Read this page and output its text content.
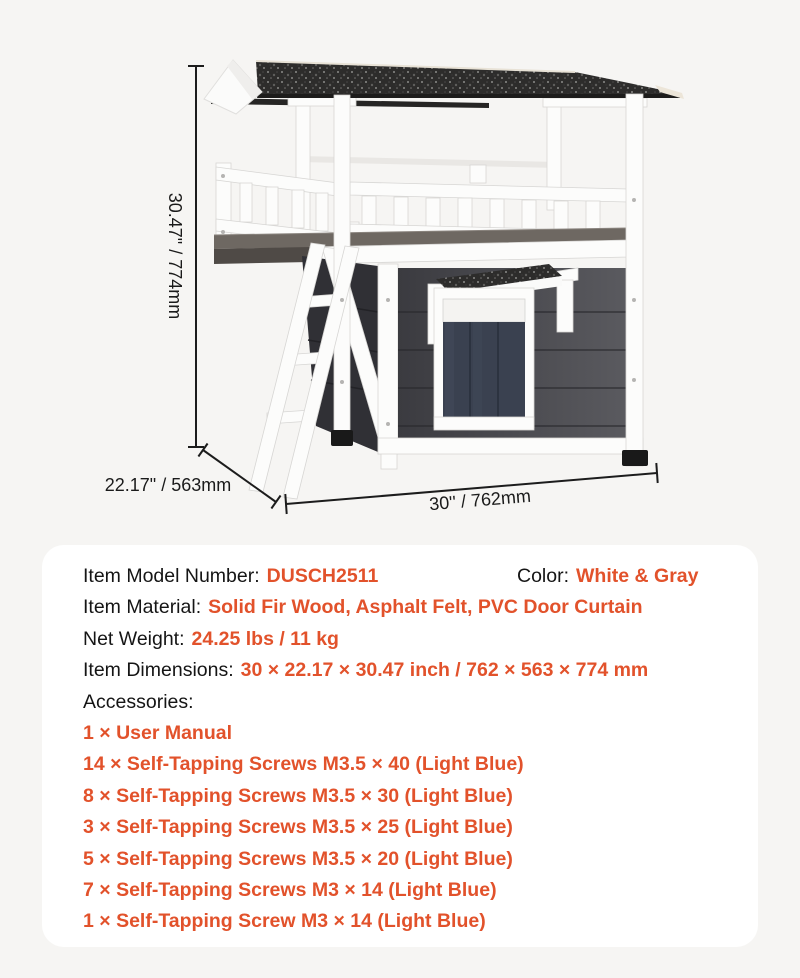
30.47" / 774mm
22.17" / 563mm
30'' / 762mm
Item Model Number: DUSCH2511	Color: White & Gray
Item Material: Solid Fir Wood, Asphalt Felt, PVC Door Curtain
Net Weight: 24.25 lbs / 11 kg
Item Dimensions: 30 × 22.17 × 30.47 inch / 762 × 563 × 774 mm
Accessories:
1 × User Manual
14 × Self-Tapping Screws M3.5 × 40 (Light Blue)
8 × Self-Tapping Screws M3.5 × 30 (Light Blue)
3 × Self-Tapping Screws M3.5 × 25 (Light Blue)
5 × Self-Tapping Screws M3.5 × 20 (Light Blue)
7 × Self-Tapping Screws M3 × 14 (Light Blue)
1 × Self-Tapping Screw M3 × 14 (Light Blue)
